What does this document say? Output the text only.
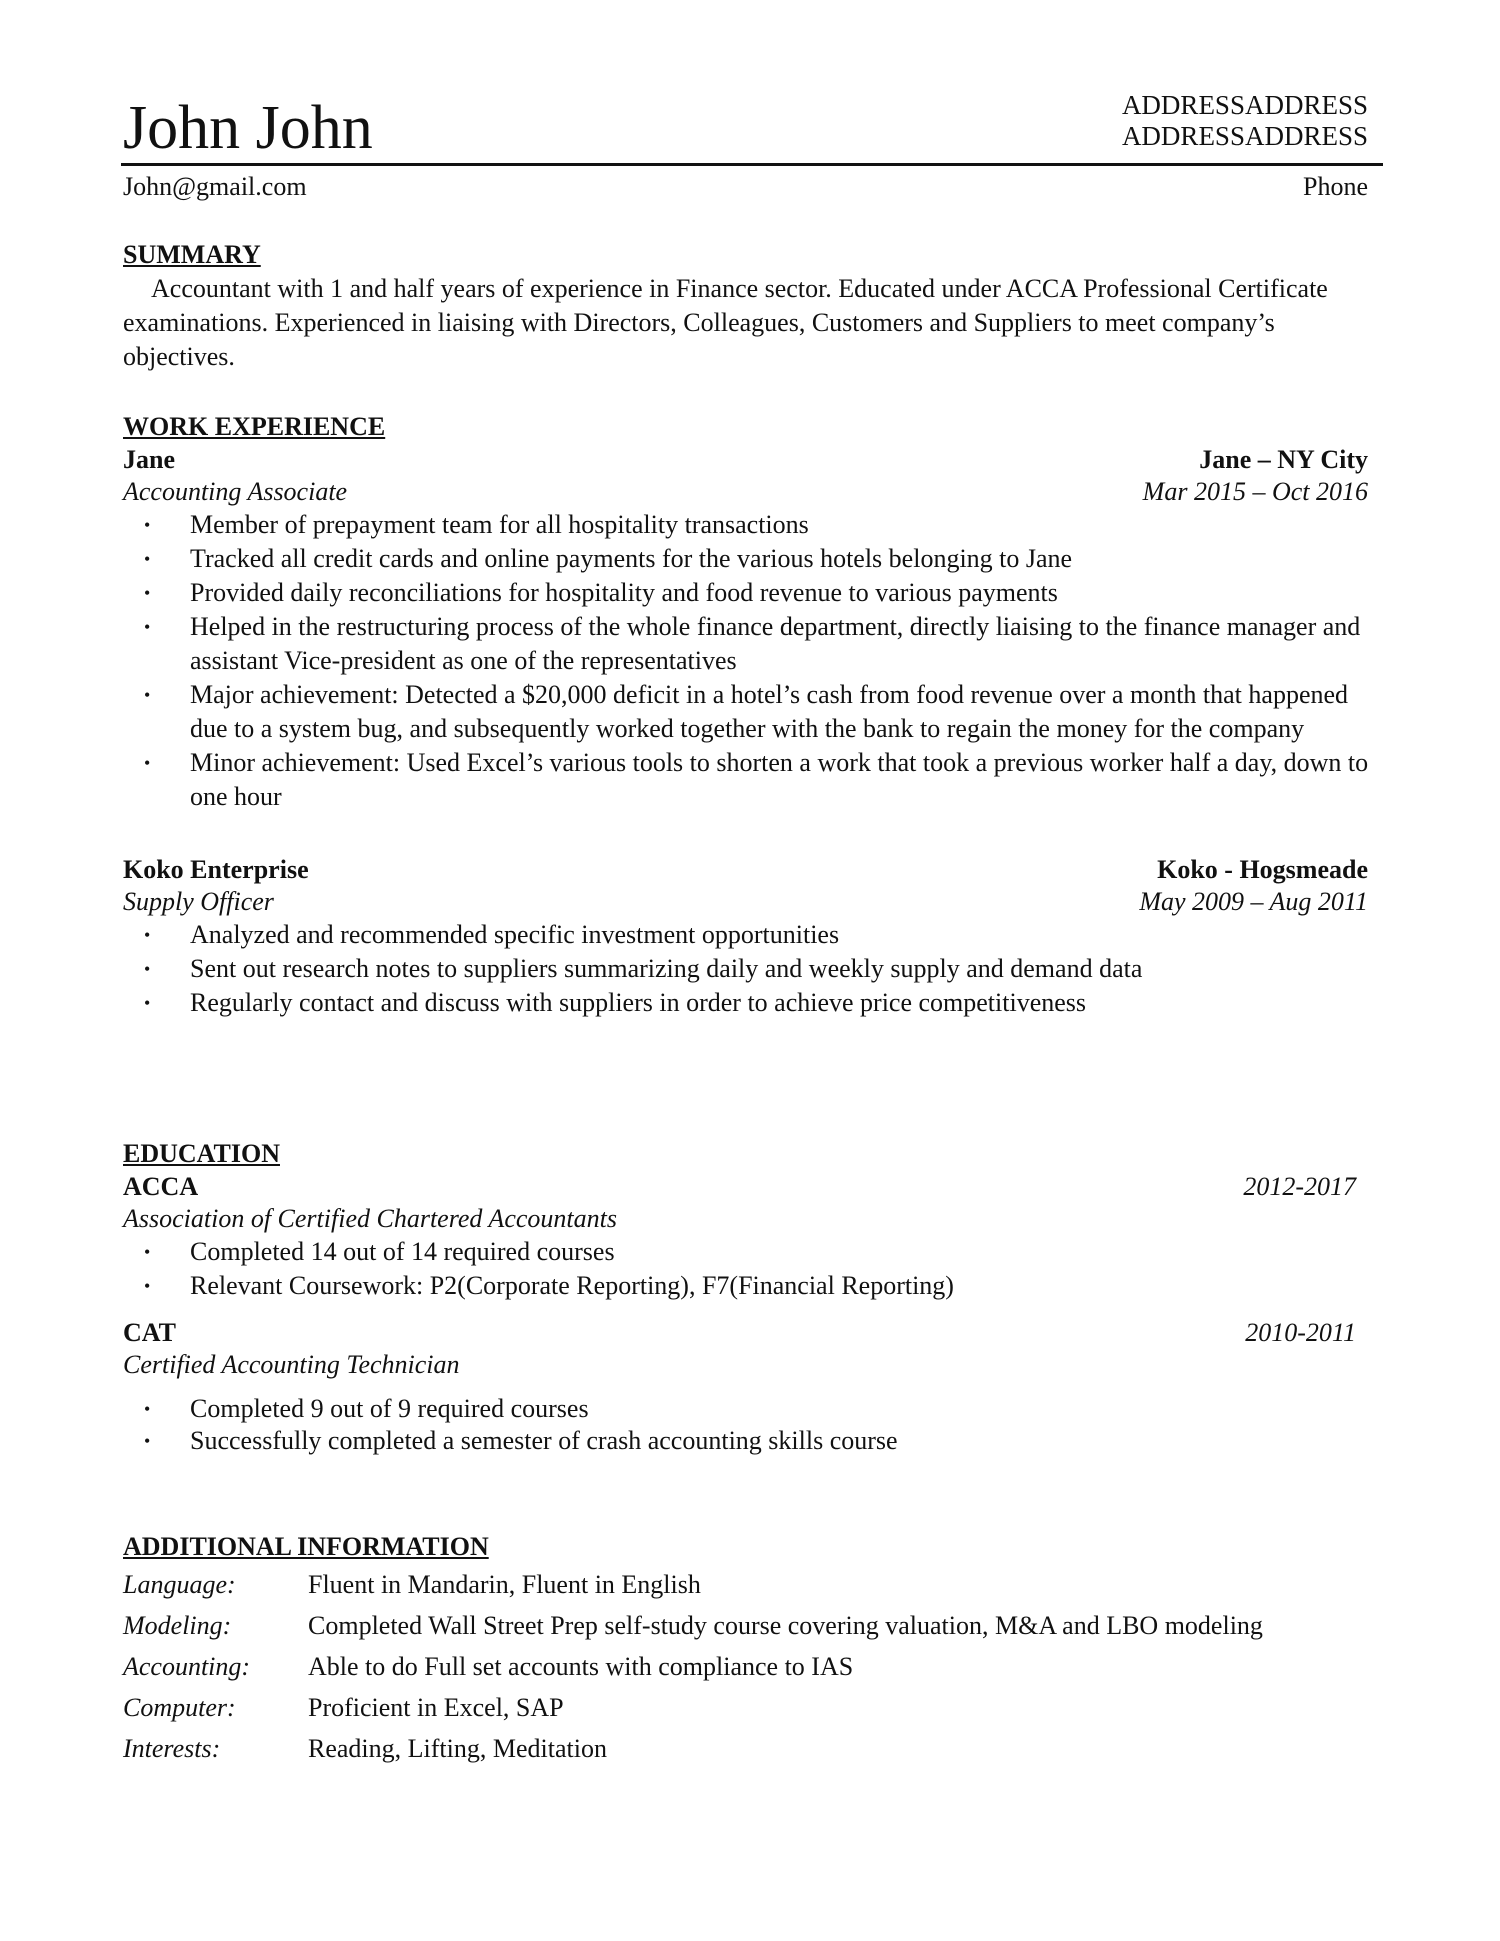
John John	ADDRESSADDRESS
ADDRESSADDRESS
John@gmail.com	Phone
SUMMARY

Accountant with 1 and half years of experience in Finance sector. Educated under ACCA Professional Certificate examinations. Experienced in liaising with Directors, Colleagues, Customers and Suppliers to meet company’s objectives.

WORK EXPERIENCE
Jane	Jane – NY City
Accounting Associate	Mar 2015 – Oct 2016
• Member of prepayment team for all hospitality transactions
• Tracked all credit cards and online payments for the various hotels belonging to Jane
• Provided daily reconciliations for hospitality and food revenue to various payments
• Helped in the restructuring process of the whole finance department, directly liaising to the finance manager and assistant Vice-president as one of the representatives
• Major achievement: Detected a $20,000 deficit in a hotel’s cash from food revenue over a month that happened due to a system bug, and subsequently worked together with the bank to regain the money for the company
• Minor achievement: Used Excel’s various tools to shorten a work that took a previous worker half a day, down to one hour
Koko Enterprise	Koko - Hogsmeade
Supply Officer	May 2009 – Aug 2011
• Analyzed and recommended specific investment opportunities
• Sent out research notes to suppliers summarizing daily and weekly supply and demand data
• Regularly contact and discuss with suppliers in order to achieve price competitiveness
EDUCATION
ACCA	2012-2017
Association of Certified Chartered Accountants
• Completed 14 out of 14 required courses
• Relevant Coursework: P2(Corporate Reporting), F7(Financial Reporting)
CAT	2010-2011
Certified Accounting Technician
• Completed 9 out of 9 required courses
• Successfully completed a semester of crash accounting skills course
ADDITIONAL INFORMATION
Language:	Fluent in Mandarin, Fluent in English
Modeling:	Completed Wall Street Prep self-study course covering valuation, M&A and LBO modeling
Accounting:	Able to do Full set accounts with compliance to IAS
Computer:	Proficient in Excel, SAP
Interests:	Reading, Lifting, Meditation
